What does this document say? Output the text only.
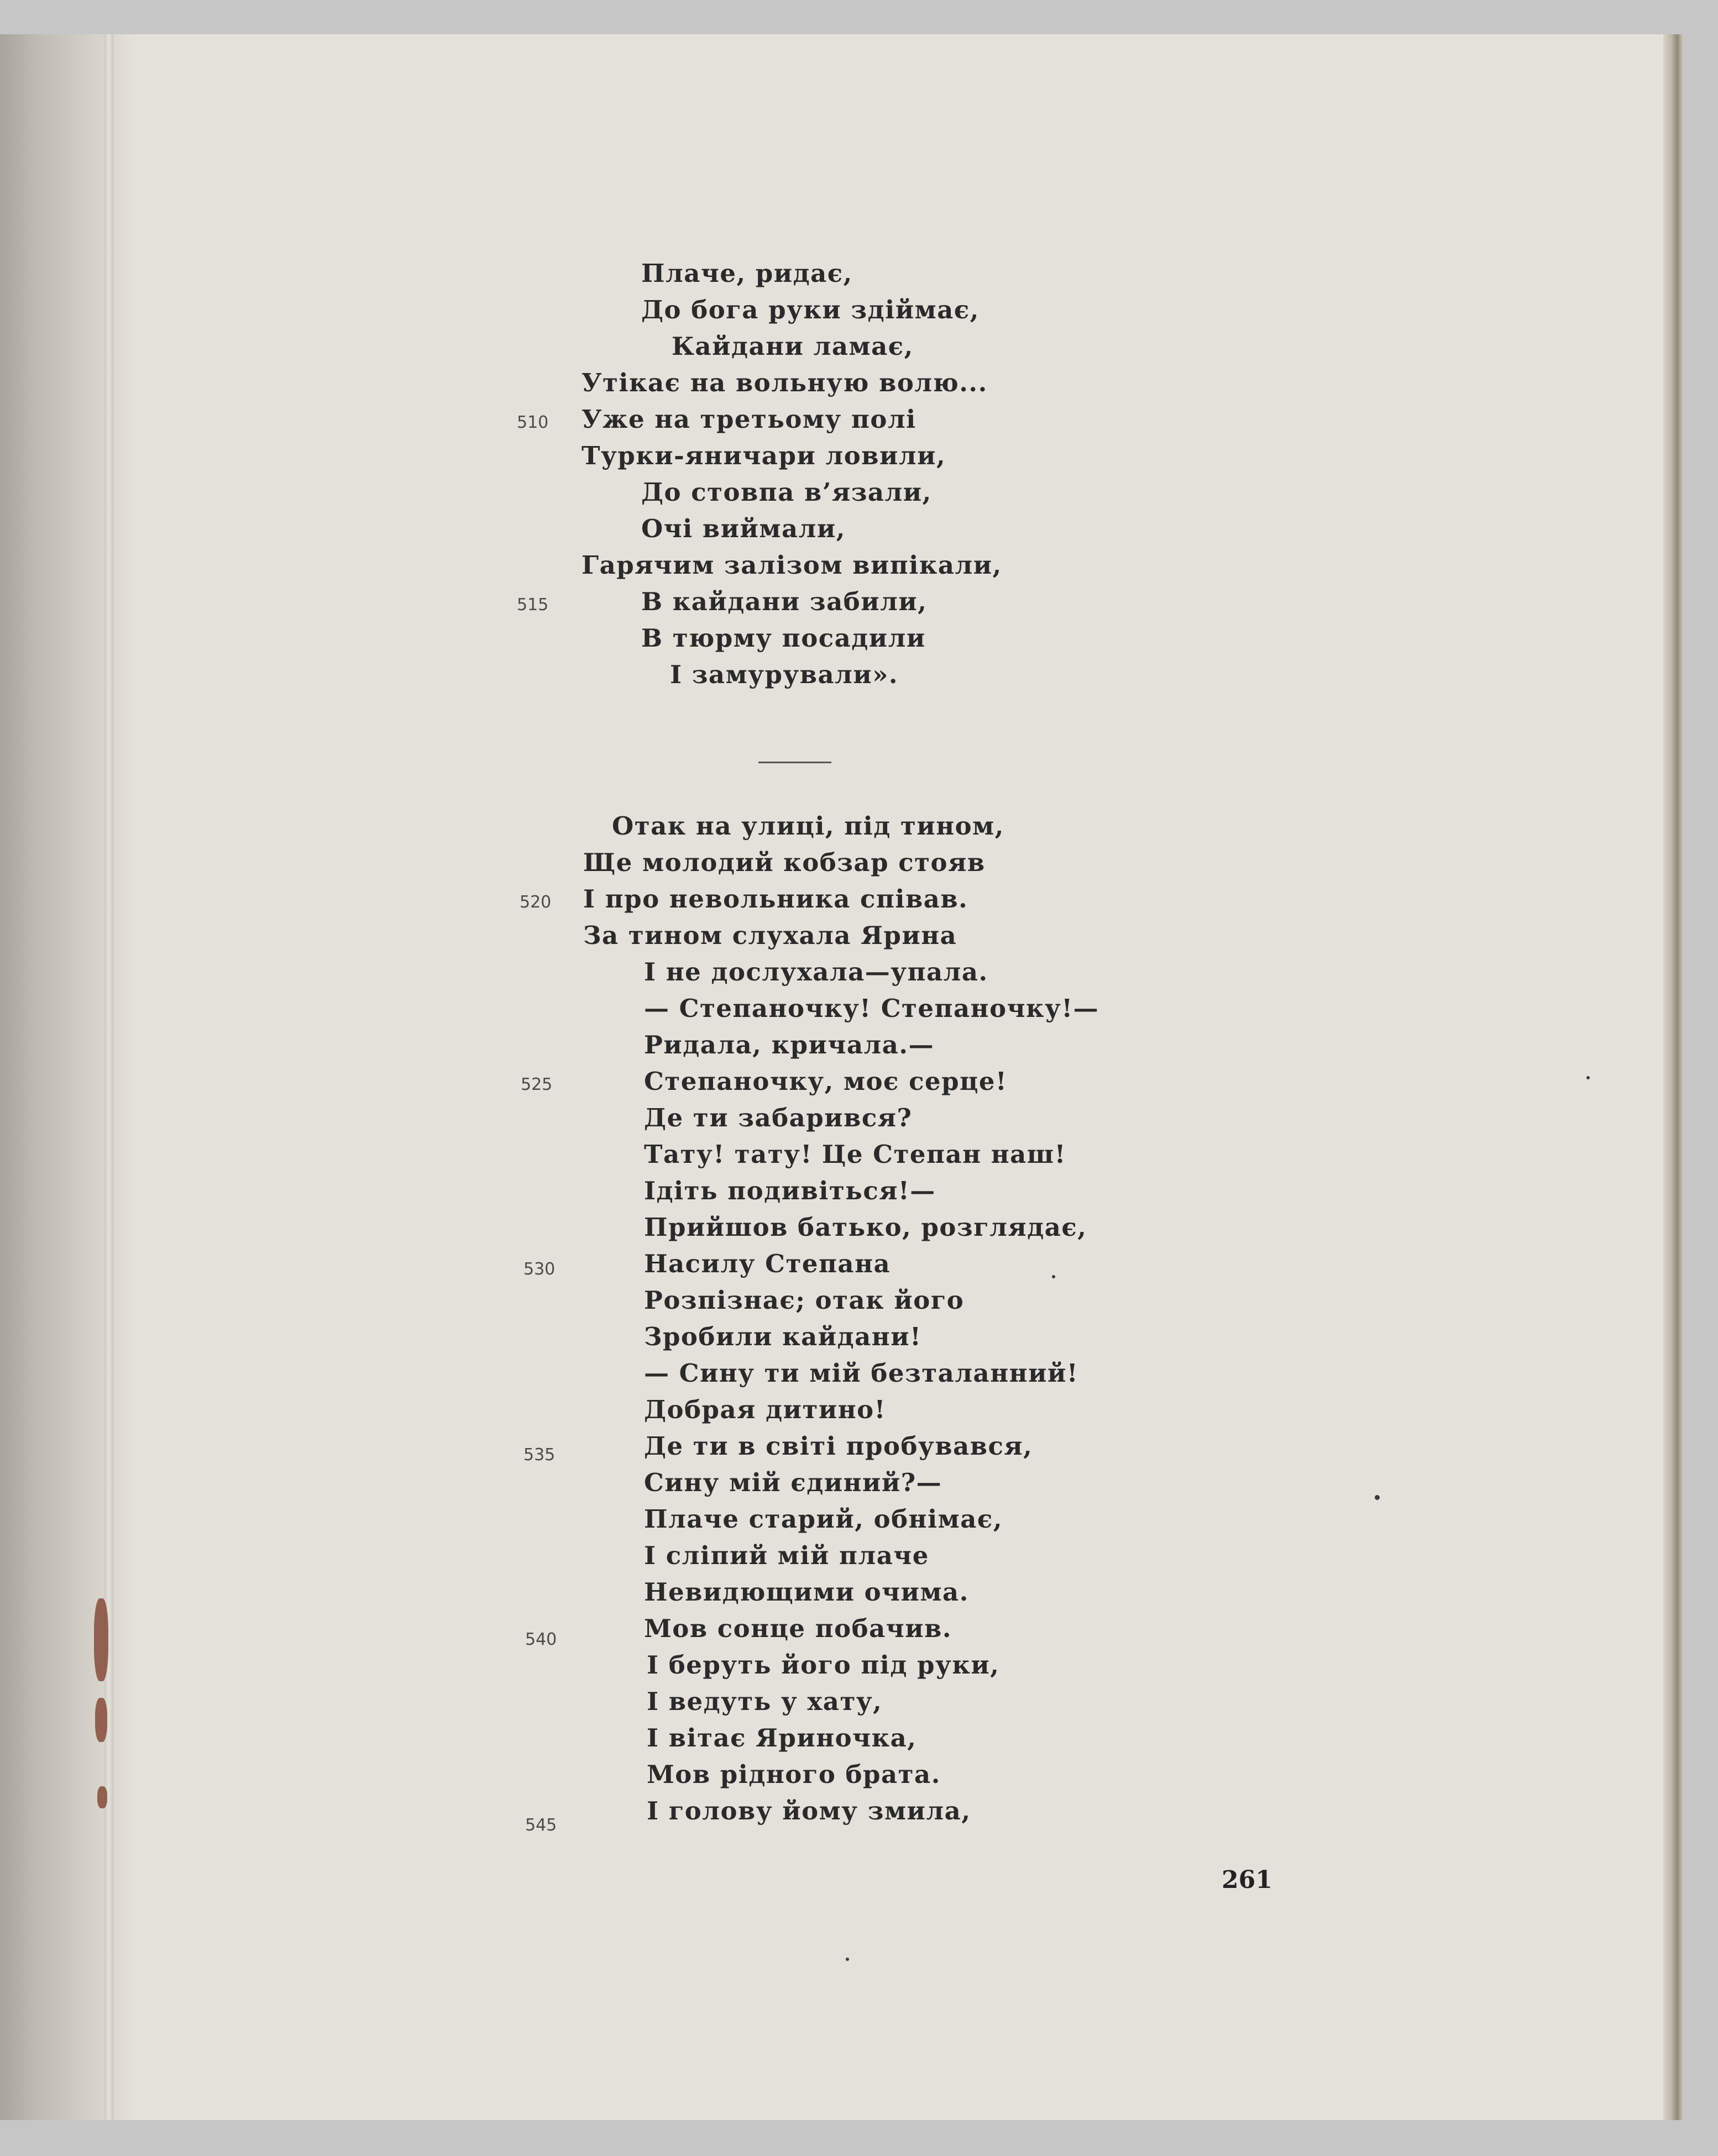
Плаче, ридає,
До бога руки здіймає,
Кайдани ламає,
Утікає на вольную волю...
Уже на третьому полі
Турки-яничари ловили,
До стовпа в’язали,
Очі виймали,
Гарячим залізом випікали,
В кайдани забили,
В тюрму посадили
І замурували».
Отак на улиці, під тином,
Ще молодий кобзар стояв
І про невольника співав.
За тином слухала Ярина
І не дослухала—упала.
— Степаночку! Степаночку!—
Ридала, кричала.—
Степаночку, моє серце!
Де ти забарився?
Тату! тату! Це Степан наш!
Ідіть подивіться!—
Прийшов батько, розглядає,
Насилу Степана
Розпізнає; отак його
Зробили кайдани!
— Сину ти мій безталанний!
Добрая дитино!
Де ти в світі пробувався,
Сину мій єдиний?—
Плаче старий, обнімає,
І сліпий мій плаче
Невидющими очима.
Мов сонце побачив.
І беруть його під руки,
І ведуть у хату,
І вітає Яриночка,
Мов рідного брата.
І голову йому змила,
510
515
520
525
530
535
540
545
261
